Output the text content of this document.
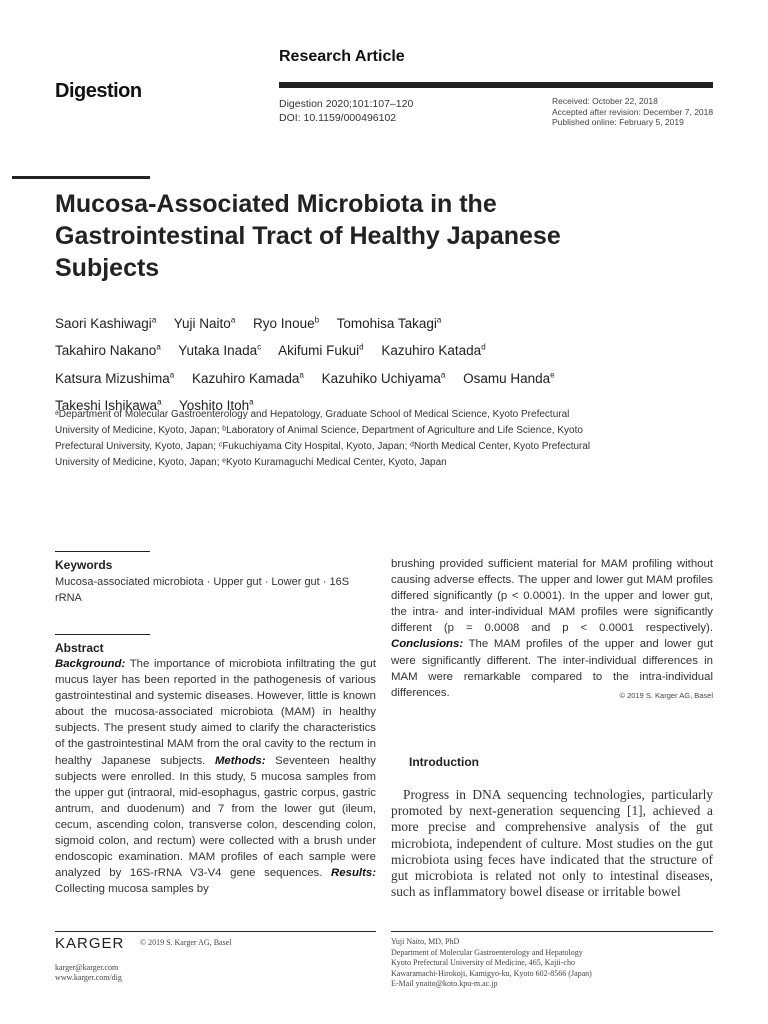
Research Article
Digestion
Digestion 2020;101:107–120
DOI: 10.1159/000496102
Received: October 22, 2018
Accepted after revision: December 7, 2018
Published online: February 5, 2019
Mucosa-Associated Microbiota in the Gastrointestinal Tract of Healthy Japanese Subjects
Saori Kashiwagi$^a$ Yuji Naito$^a$ Ryo Inoue$^b$ Tomohisa Takagi$^a$
Takahiro Nakano$^a$ Yutaka Inada$^c$ Akifumi Fukui$^d$ Kazuhiro Katada$^d$
Katsura Mizushima$^a$ Kazuhiro Kamada$^a$ Kazuhiko Uchiyama$^a$ Osamu Handa$^e$
Takeshi Ishikawa$^a$ Yoshito Itoh$^a$
ᵃDepartment of Molecular Gastroenterology and Hepatology, Graduate School of Medical Science, Kyoto Prefectural University of Medicine, Kyoto, Japan; ᵇLaboratory of Animal Science, Department of Agriculture and Life Science, Kyoto Prefectural University, Kyoto, Japan; ᶜFukuchiyama City Hospital, Kyoto, Japan; ᵈNorth Medical Center, Kyoto Prefectural University of Medicine, Kyoto, Japan; ᵉKyoto Kuramaguchi Medical Center, Kyoto, Japan
Keywords
Mucosa-associated microbiota · Upper gut · Lower gut · 16S rRNA
Abstract
Background: The importance of microbiota infiltrating the gut mucus layer has been reported in the pathogenesis of various gastrointestinal and systemic diseases. However, little is known about the mucosa-associated microbiota (MAM) in healthy subjects. The present study aimed to clarify the characteristics of the gastrointestinal MAM from the oral cavity to the rectum in healthy Japanese subjects. Methods: Seventeen healthy subjects were enrolled. In this study, 5 mucosa samples from the upper gut (intraoral, mid-esophagus, gastric corpus, gastric antrum, and duodenum) and 7 from the lower gut (ileum, cecum, ascending colon, transverse colon, descending colon, sigmoid colon, and rectum) were collected with a brush under endoscopic examination. MAM profiles of each sample were analyzed by 16S-rRNA V3-V4 gene sequences. Results: Collecting mucosa samples by
brushing provided sufficient material for MAM profiling without causing adverse effects. The upper and lower gut MAM profiles differed significantly (p < 0.0001). In the upper and lower gut, the intra- and inter-individual MAM profiles were significantly different (p = 0.0008 and p < 0.0001 respectively). Conclusions: The MAM profiles of the upper and lower gut were significantly different. The inter-individual differences in MAM were remarkable compared to the intra-individual differences.	© 2019 S. Karger AG, Basel
Introduction
Progress in DNA sequencing technologies, particularly promoted by next-generation sequencing [1], achieved a more precise and comprehensive analysis of the gut microbiota, independent of culture. Most studies on the gut microbiota using feces have indicated that the structure of gut microbiota is related not only to intestinal diseases, such as inflammatory bowel disease or irritable bowel
KARGER © 2019 S. Karger AG, Basel
karger@karger.com
www.karger.com/dig
Yuji Naito, MD, PhD
Department of Molecular Gastroenterology and Hepatology
Kyoto Prefectural University of Medicine, 465, Kajii-cho
Kawaramachi-Hirokoji, Kamigyo-ku, Kyoto 602-8566 (Japan)
E-Mail ynaito@koto.kpu-m.ac.jp
